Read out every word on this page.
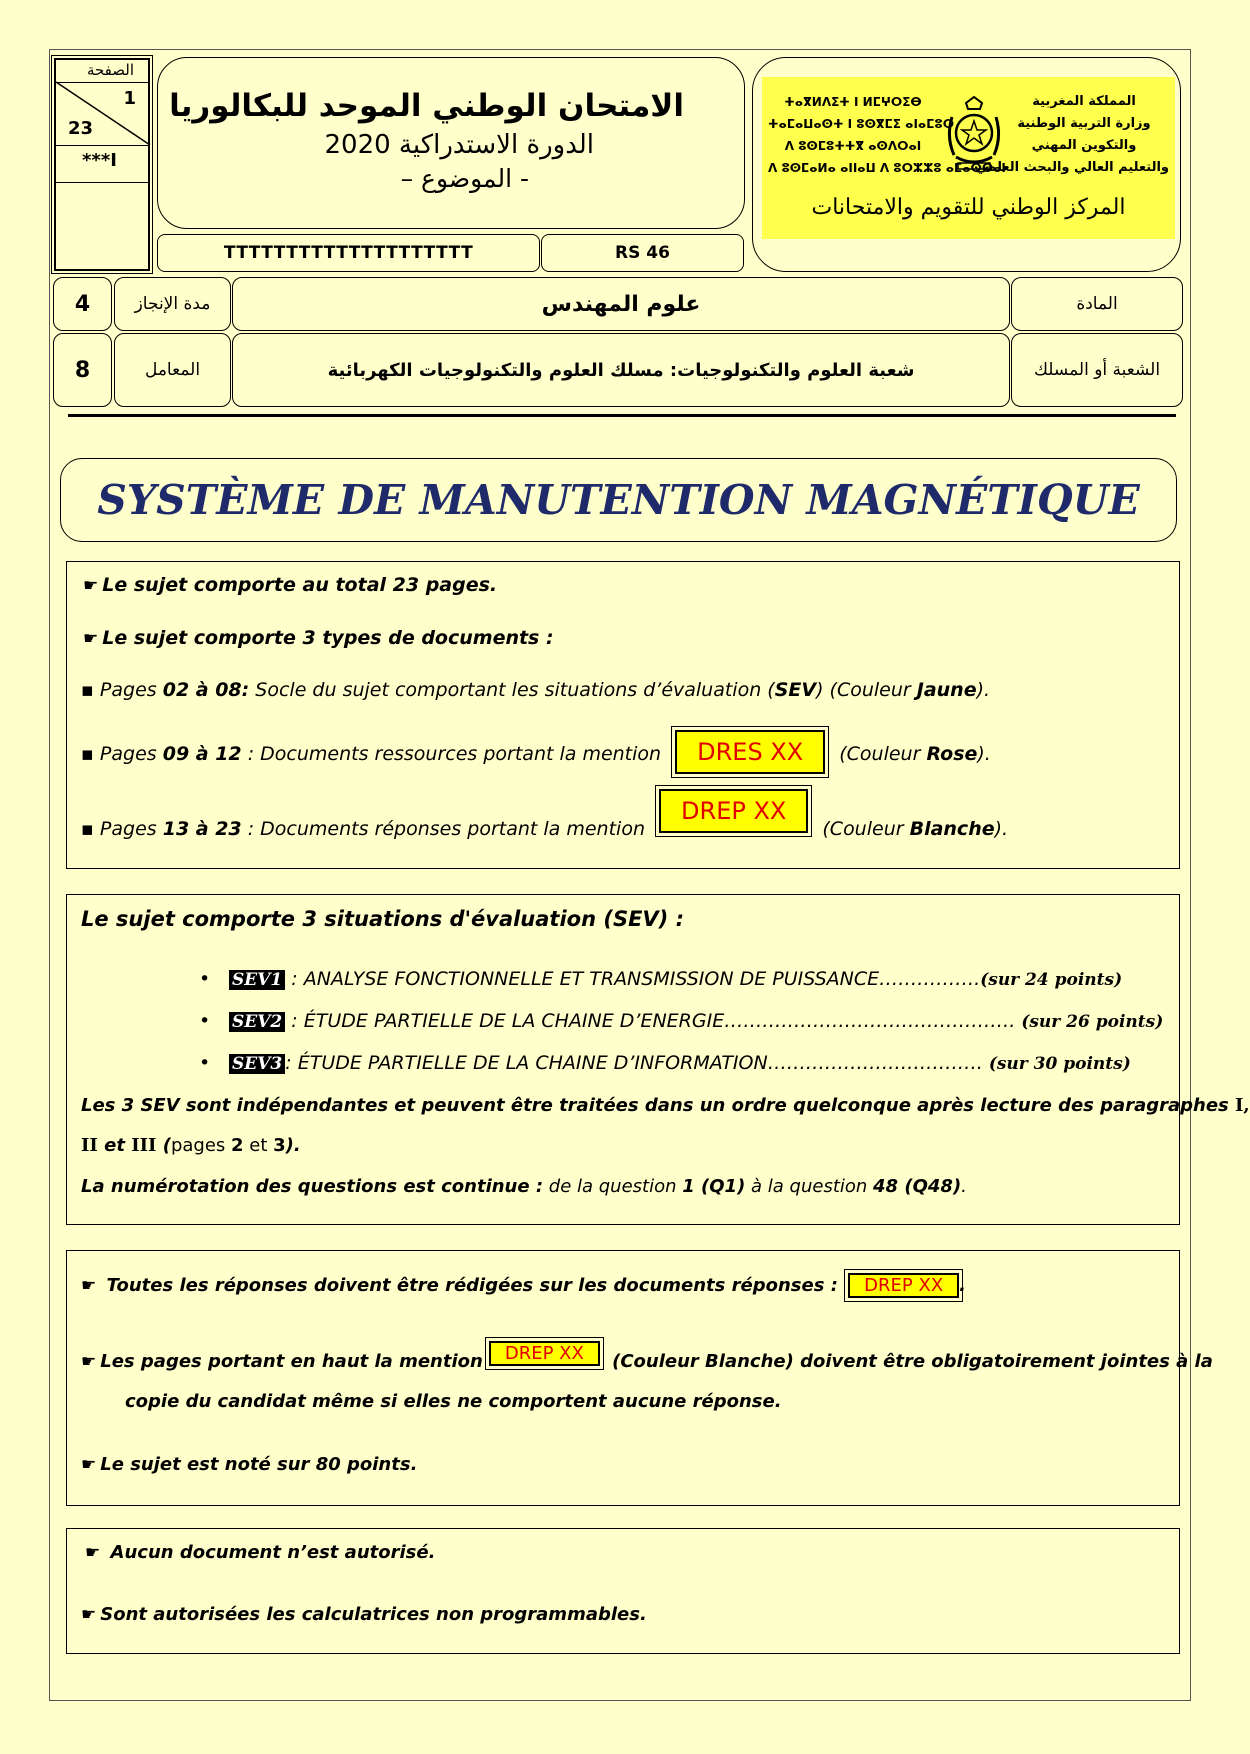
الصفحة
1
23
***I
الامتحان الوطني الموحد للبكالوريا
الدورة الاستدراكية 2020
- الموضوع –
TTTTTTTTTTTTTTTTTTTT	RS 46
ⵜⴰⴳⵍⴷⵉⵜ ⵏ ⵍⵎⵖⵔⵉⴱ
ⵜⴰⵎⴰⵡⴰⵙⵜ ⵏ ⵓⵙⴳⵎⵉ ⴰⵏⴰⵎⵓⵔ
ⴷ ⵓⵙⵎⵓⵜⵜⴳ ⴰⵙⴷⵔⴰⵏ
ⴷ ⵓⵙⵎⴰⵍⴰ ⴰⵏⵏⴰⵡ ⴷ ⵓⵔⵣⵣⵓ ⴰⵎⴰⵙⵙⴰⵏ
المملكة المغربية
وزارة التربية الوطنية
والتكوين المهني
والتعليم العالي والبحث العلمي
المركز الوطني للتقويم والامتحانات
4	مدة الإنجاز	علوم المهندس	المادة
8	المعامل	شعبة العلوم والتكنولوجيات: مسلك العلوم والتكنولوجيات الكهربائية	الشعبة أو المسلك
SYSTÈME DE MANUTENTION MAGNÉTIQUE
☛ Le sujet comporte au total 23 pages.
☛ Le sujet comporte 3 types de documents :
▪ Pages 02 à 08: Socle du sujet comportant les situations d’évaluation (SEV) (Couleur Jaune).
▪ Pages 09 à 12 : Documents ressources portant la mention DRES XX (Couleur Rose).
▪ Pages 13 à 23 : Documents réponses portant la mention DREP XX (Couleur Blanche).
Le sujet comporte 3 situations d'évaluation (SEV) :
• SEV1 : ANALYSE FONCTIONNELLE ET TRANSMISSION DE PUISSANCE…………….(sur 24 points)
• SEV2 : ÉTUDE PARTIELLE DE LA CHAINE D’ENERGIE………………………………………. (sur 26 points)
• SEV3 : ÉTUDE PARTIELLE DE LA CHAINE D’INFORMATION……………………………. (sur 30 points)
Les 3 SEV sont indépendantes et peuvent être traitées dans un ordre quelconque après lecture des paragraphes I,
II et III (pages 2 et 3).
La numérotation des questions est continue : de la question 1 (Q1) à la question 48 (Q48).
☛ Toutes les réponses doivent être rédigées sur les documents réponses : DREP XX .
☛ Les pages portant en haut la mention DREP XX (Couleur Blanche) doivent être obligatoirement jointes à la
copie du candidat même si elles ne comportent aucune réponse.
☛ Le sujet est noté sur 80 points.
☛ Aucun document n’est autorisé.
☛ Sont autorisées les calculatrices non programmables.
